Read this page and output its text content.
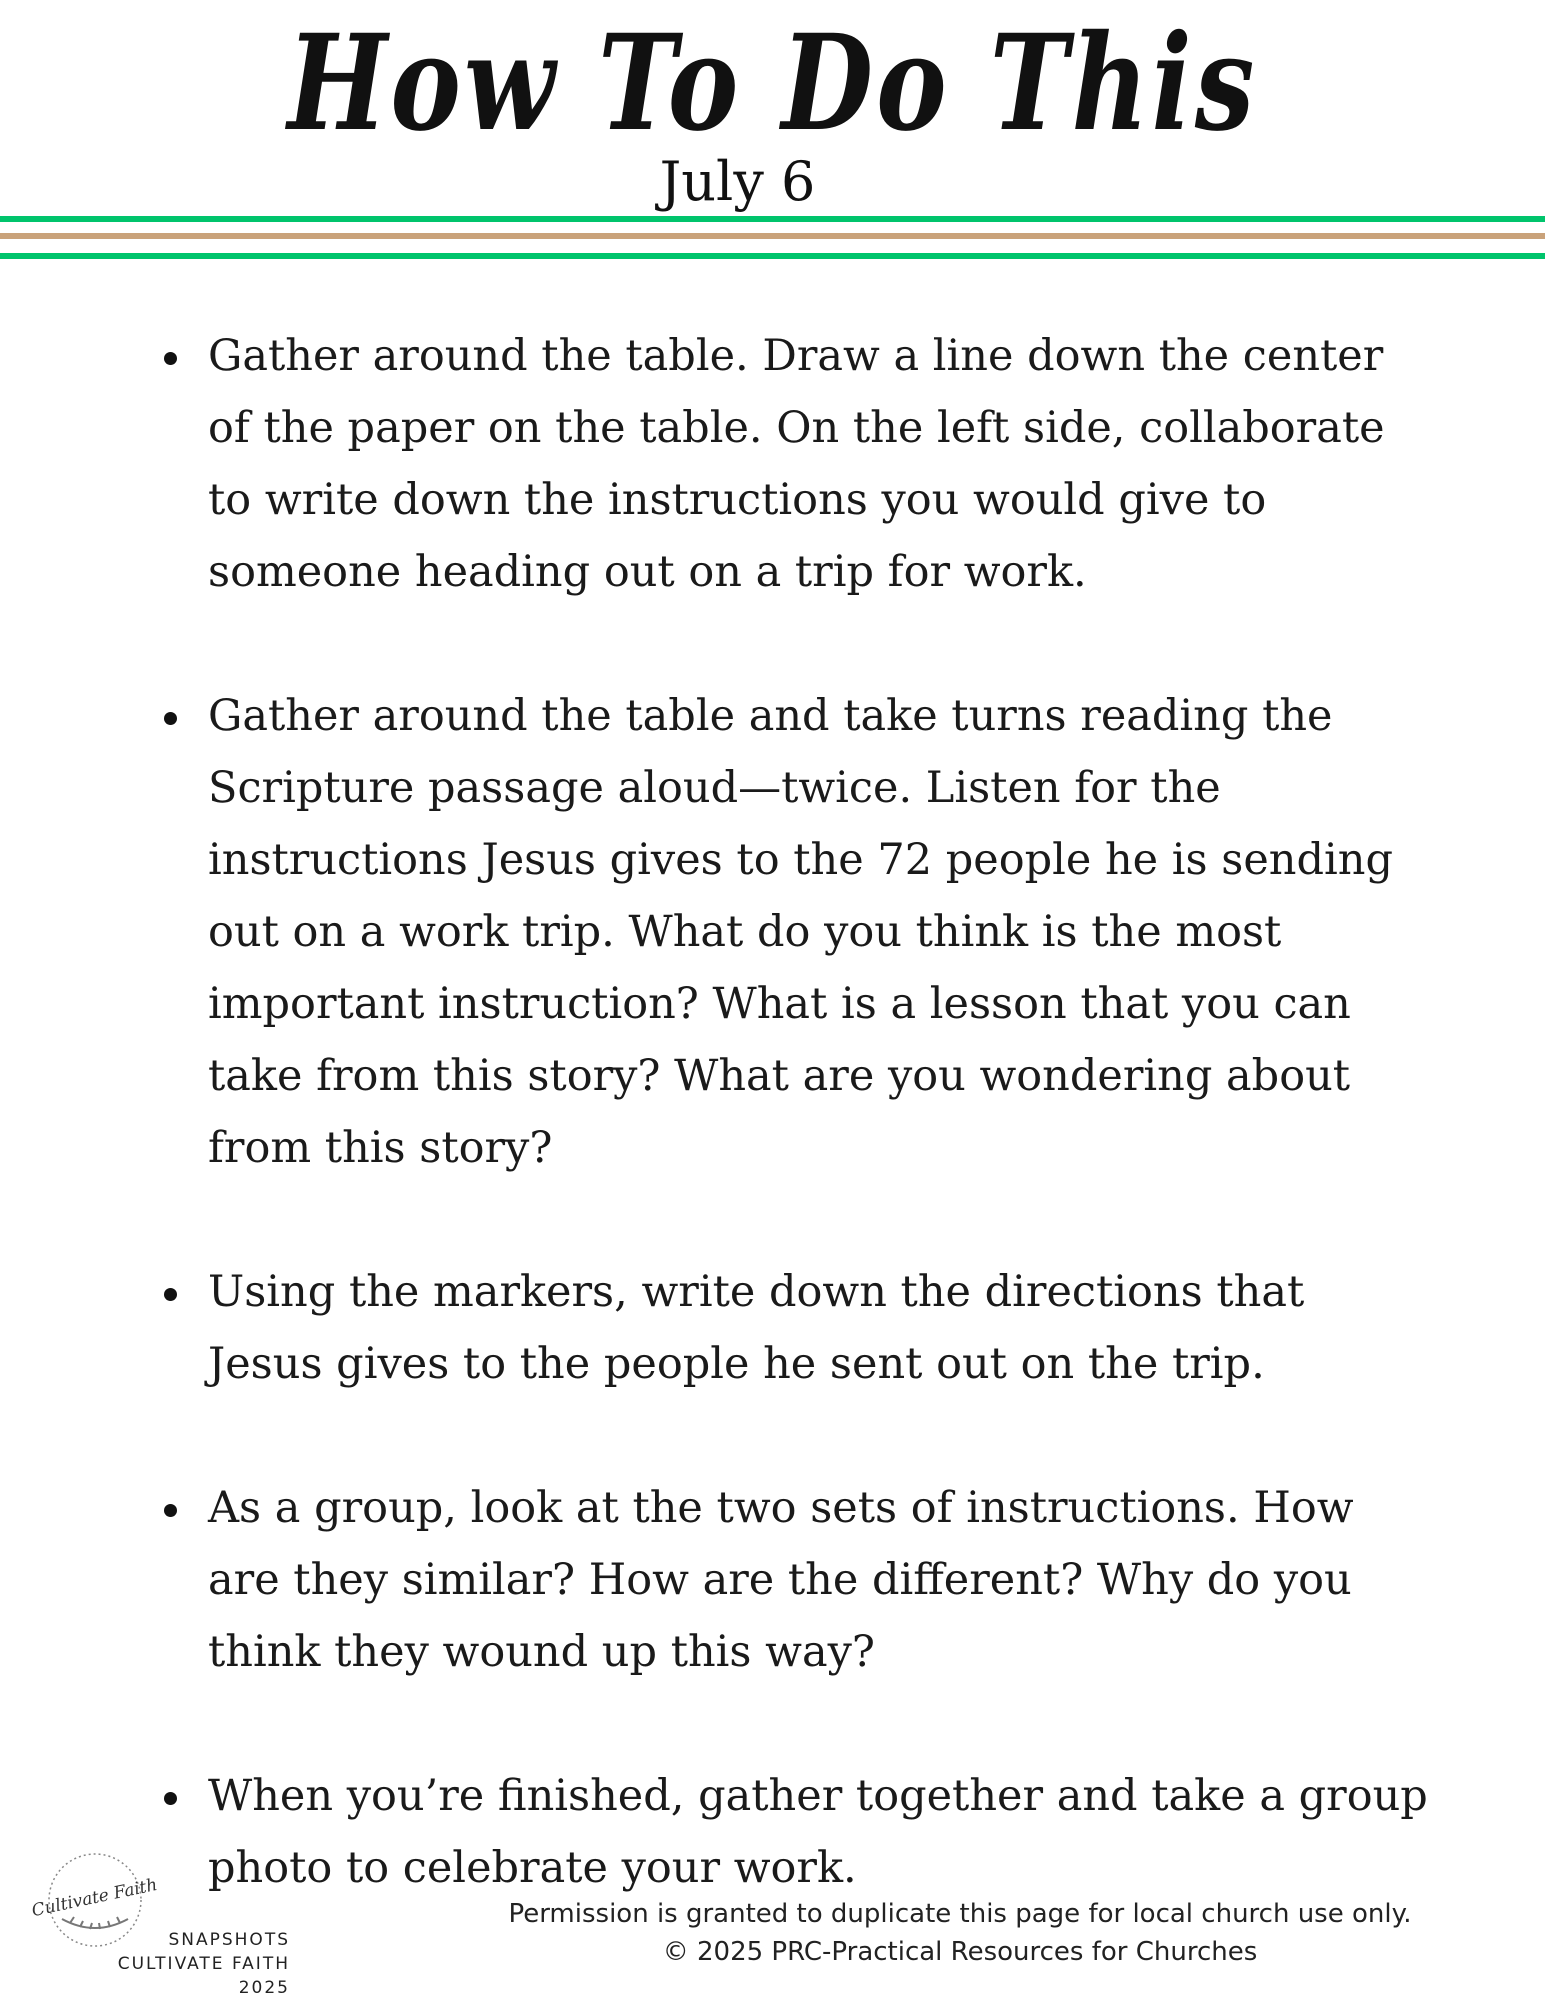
How To Do This
July 6
Gather around the table. Draw a line down the center of the paper on the table. On the left side, collaborate to write down the instructions you would give to someone heading out on a trip for work.
Gather around the table and take turns reading the Scripture passage aloud—twice. Listen for the instructions Jesus gives to the 72 people he is sending out on a work trip. What do you think is the most important instruction? What is a lesson that you can take from this story? What are you wondering about from this story?
Using the markers, write down the directions that Jesus gives to the people he sent out on the trip.
As a group, look at the two sets of instructions. How are they similar? How are the different? Why do you think they wound up this way?
When you’re finished, gather together and take a group photo to celebrate your work.
Cultivate Faith
SNAPSHOTS
CULTIVATE FAITH 2025
Permission is granted to duplicate this page for local church use only.
© 2025 PRC-Practical Resources for Churches
